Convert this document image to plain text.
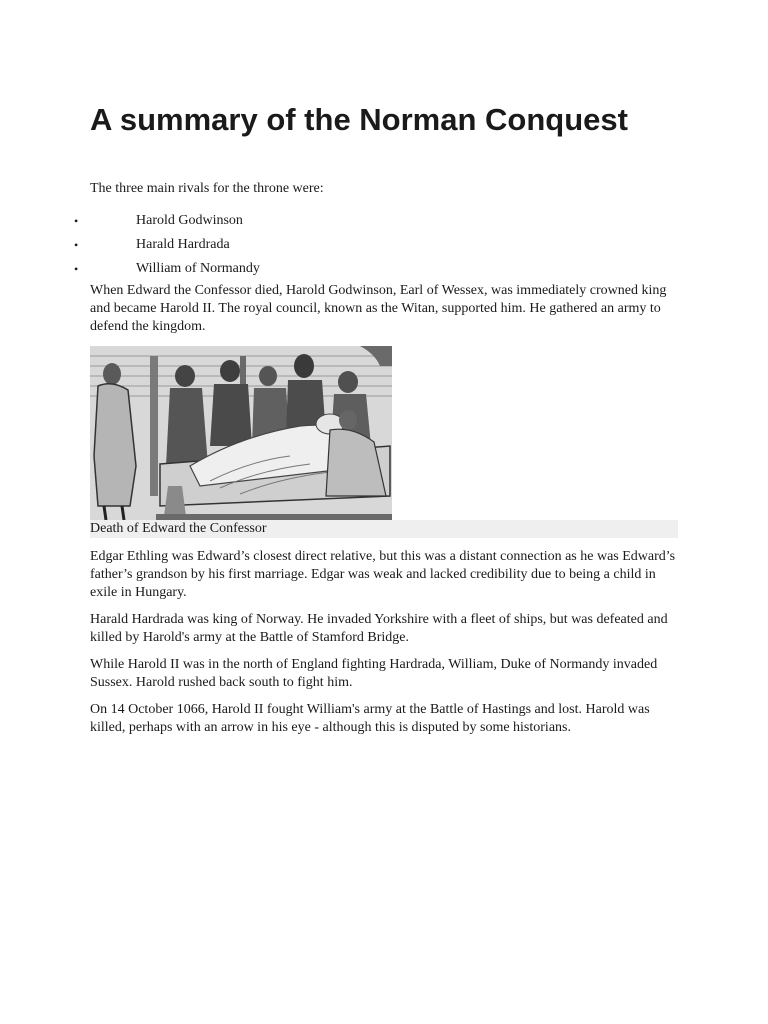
A summary of the Norman Conquest
The three main rivals for the throne were:
•	Harold Godwinson
•	Harald Hardrada
•	William of Normandy

When Edward the Confessor died, Harold Godwinson, Earl of Wessex, was immediately crowned king and became Harold II. The royal council, known as the Witan, supported him. He gathered an army to defend the kingdom.

Death of Edward the Confessor

Edgar Ethling was Edward’s closest direct relative, but this was a distant connection as he was Edward’s father’s grandson by his first marriage. Edgar was weak and lacked credibility due to being a child in exile in Hungary.

Harald Hardrada was king of Norway. He invaded Yorkshire with a fleet of ships, but was defeated and killed by Harold's army at the Battle of Stamford Bridge.

While Harold II was in the north of England fighting Hardrada, William, Duke of Normandy invaded Sussex. Harold rushed back south to fight him.

On 14 October 1066, Harold II fought William's army at the Battle of Hastings and lost. Harold was killed, perhaps with an arrow in his eye - although this is disputed by some historians.
